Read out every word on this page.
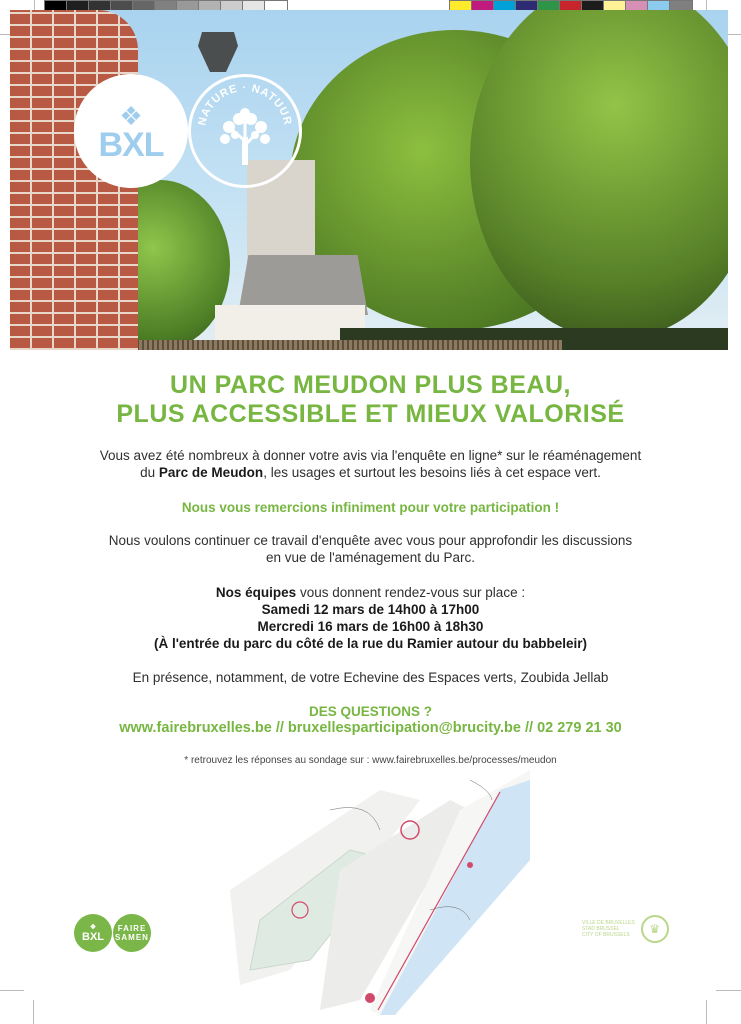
❖
BXL
NATURE · NATUUR
UN PARC MEUDON PLUS BEAU,
PLUS ACCESSIBLE ET MIEUX VALORISÉ
Vous avez été nombreux à donner votre avis via l'enquête en ligne* sur le réaménagement
du Parc de Meudon, les usages et surtout les besoins liés à cet espace vert.
Nous vous remercions infiniment pour votre participation !
Nous voulons continuer ce travail d'enquête avec vous pour approfondir les discussions
en vue de l'aménagement du Parc.
Nos équipes vous donnent rendez-vous sur place :
Samedi 12 mars de 14h00 à 17h00
Mercredi 16 mars de 16h00 à 18h30
(À l'entrée du parc du côté de la rue du Ramier autour du babbeleir)
En présence, notamment, de votre Echevine des Espaces verts, Zoubida Jellab
DES QUESTIONS ?
www.fairebruxelles.be // bruxellesparticipation@brucity.be // 02 279 21 30
* retrouvez les réponses au sondage sur : www.fairebruxelles.be/processes/meudon
❖
BXL
FAIRE
SAMEN
VILLE DE BRUXELLES
STAD BRUSSEL
CITY OF BRUSSELS	♛
